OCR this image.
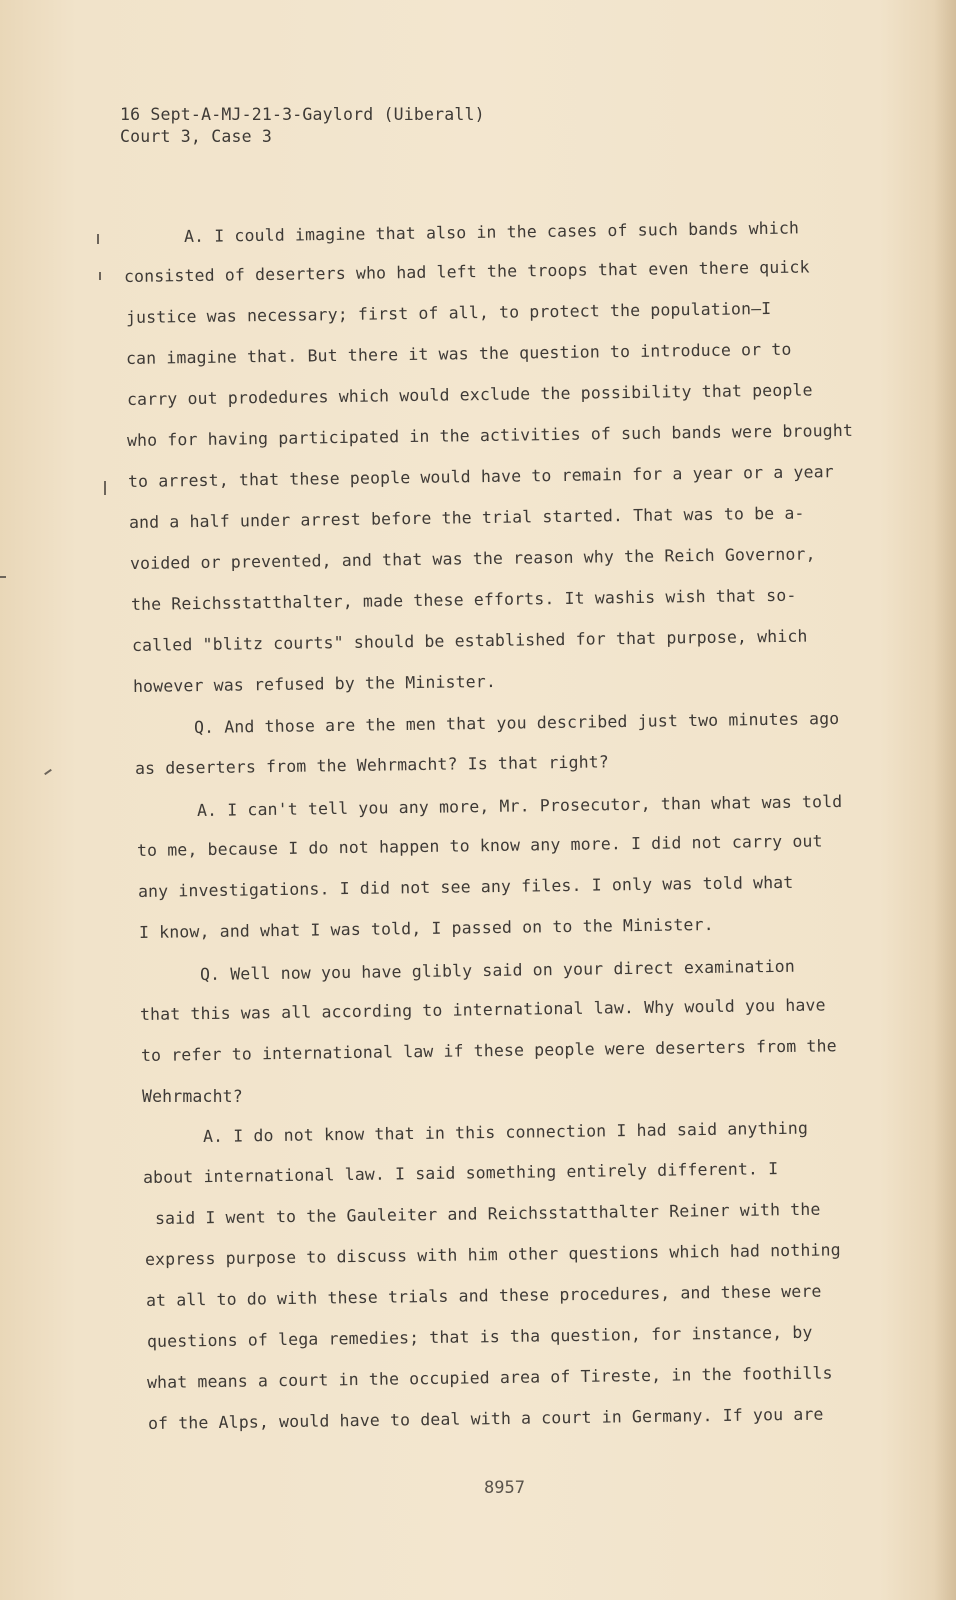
16 Sept-A-MJ-21-3-Gaylord (Uiberall)
Court 3, Case 3
A. I could imagine that also in the cases of such bands which
consisted of deserters who had left the troops that even there quick
justice was necessary; first of all, to protect the population—I
can imagine that. But there it was the question to introduce or to
carry out prodedures which would exclude the possibility that people
who for having participated in the activities of such bands were brought
to arrest, that these people would have to remain for a year or a year
and a half under arrest before the trial started. That was to be a-
voided or prevented, and that was the reason why the Reich Governor,
the Reichsstatthalter, made these efforts. It washis wish that so-
called "blitz courts" should be established for that purpose, which
however was refused by the Minister.
Q. And those are the men that you described just two minutes ago
as deserters from the Wehrmacht? Is that right?
A. I can't tell you any more, Mr. Prosecutor, than what was told
to me, because I do not happen to know any more. I did not carry out
any investigations. I did not see any files. I only was told what
I know, and what I was told, I passed on to the Minister.
Q. Well now you have glibly said on your direct examination
that this was all according to international law. Why would you have
to refer to international law if these people were deserters from the
Wehrmacht?
A. I do not know that in this connection I had said anything
about international law. I said something entirely different. I
said I went to the Gauleiter and Reichsstatthalter Reiner with the
express purpose to discuss with him other questions which had nothing
at all to do with these trials and these procedures, and these were
questions of lega remedies; that is tha question, for instance, by
what means a court in the occupied area of Tireste, in the foothills
of the Alps, would have to deal with a court in Germany. If you are
8957
